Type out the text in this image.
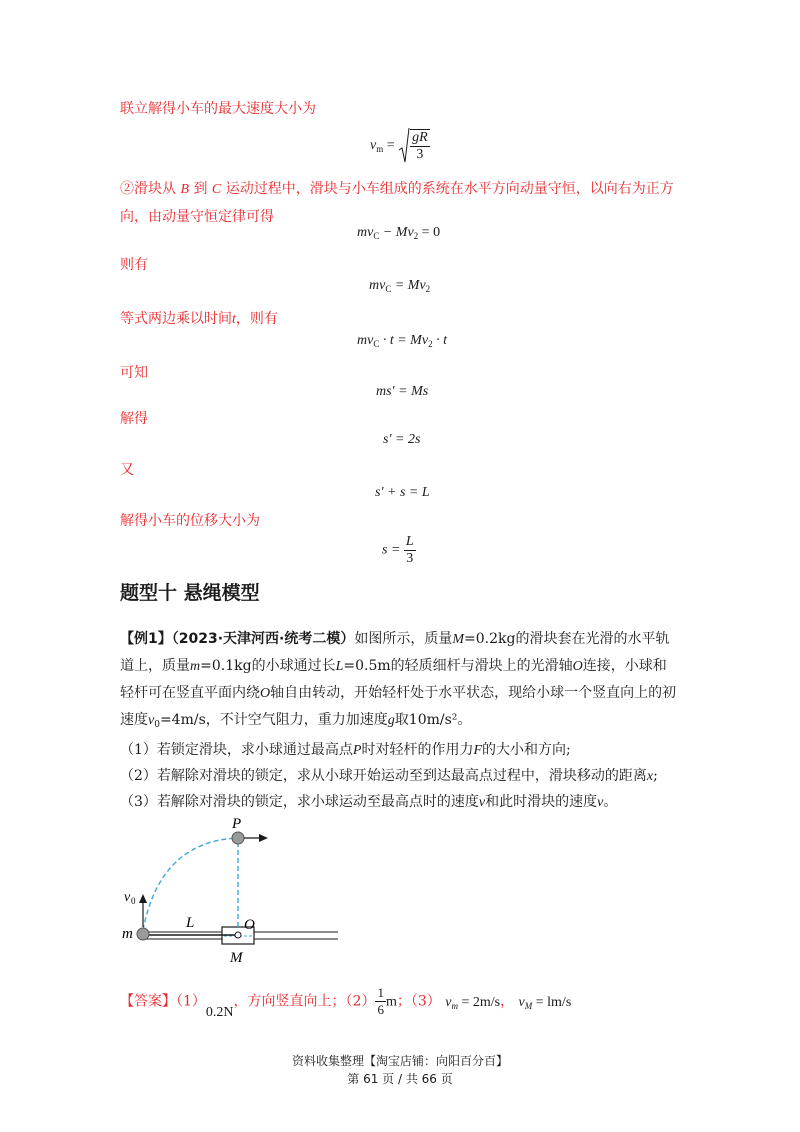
联立解得小车的最大速度大小为
$v_m = \frac{gR}{3}$
②滑块从 B 到 C 运动过程中，滑块与小车组成的系统在水平方向动量守恒，以向右为正方
向，由动量守恒定律可得
$mv_C - Mv_2 = 0$
则有
$mv_C = Mv_2$
等式两边乘以时间t，则有
$mv_C \cdot t = Mv_2 \cdot t$
可知
ms′ = Ms
解得
s′ = 2s
又
s′ + s = L
解得小车的位移大小为
$s = \frac{L}{3}$
题型十 悬绳模型
【例1】（2023·天津河西·统考二模）如图所示，质量M=0.2kg的滑块套在光滑的水平轨道上，质量m=0.1kg的小球通过长L=0.5m的轻质细杆与滑块上的光滑轴O连接，小球和轻杆可在竖直平面内绕O轴自由转动，开始轻杆处于水平状态，现给小球一个竖直向上的初速度$v_0=4m/s$，不计空气阻力，重力加速度g取10m/s²。
（1）若锁定滑块，求小球通过最高点P时对轻杆的作用力F的大小和方向;
（2）若解除对滑块的锁定，求从小球开始运动至到达最高点过程中，滑块移动的距离x;
（3）若解除对滑块的锁定，求小球运动至最高点时的速度v和此时滑块的速度v。
P
v 0
m
L	O
M
【答案】（1）0.2N，方向竖直向上；$(2) \frac{1}{6}$ m；（3） $v_m = 2m/s$， $v_M = lm/s$
资料收集整理【淘宝店铺：向阳百分百】
第 61 页 / 共 66 页
